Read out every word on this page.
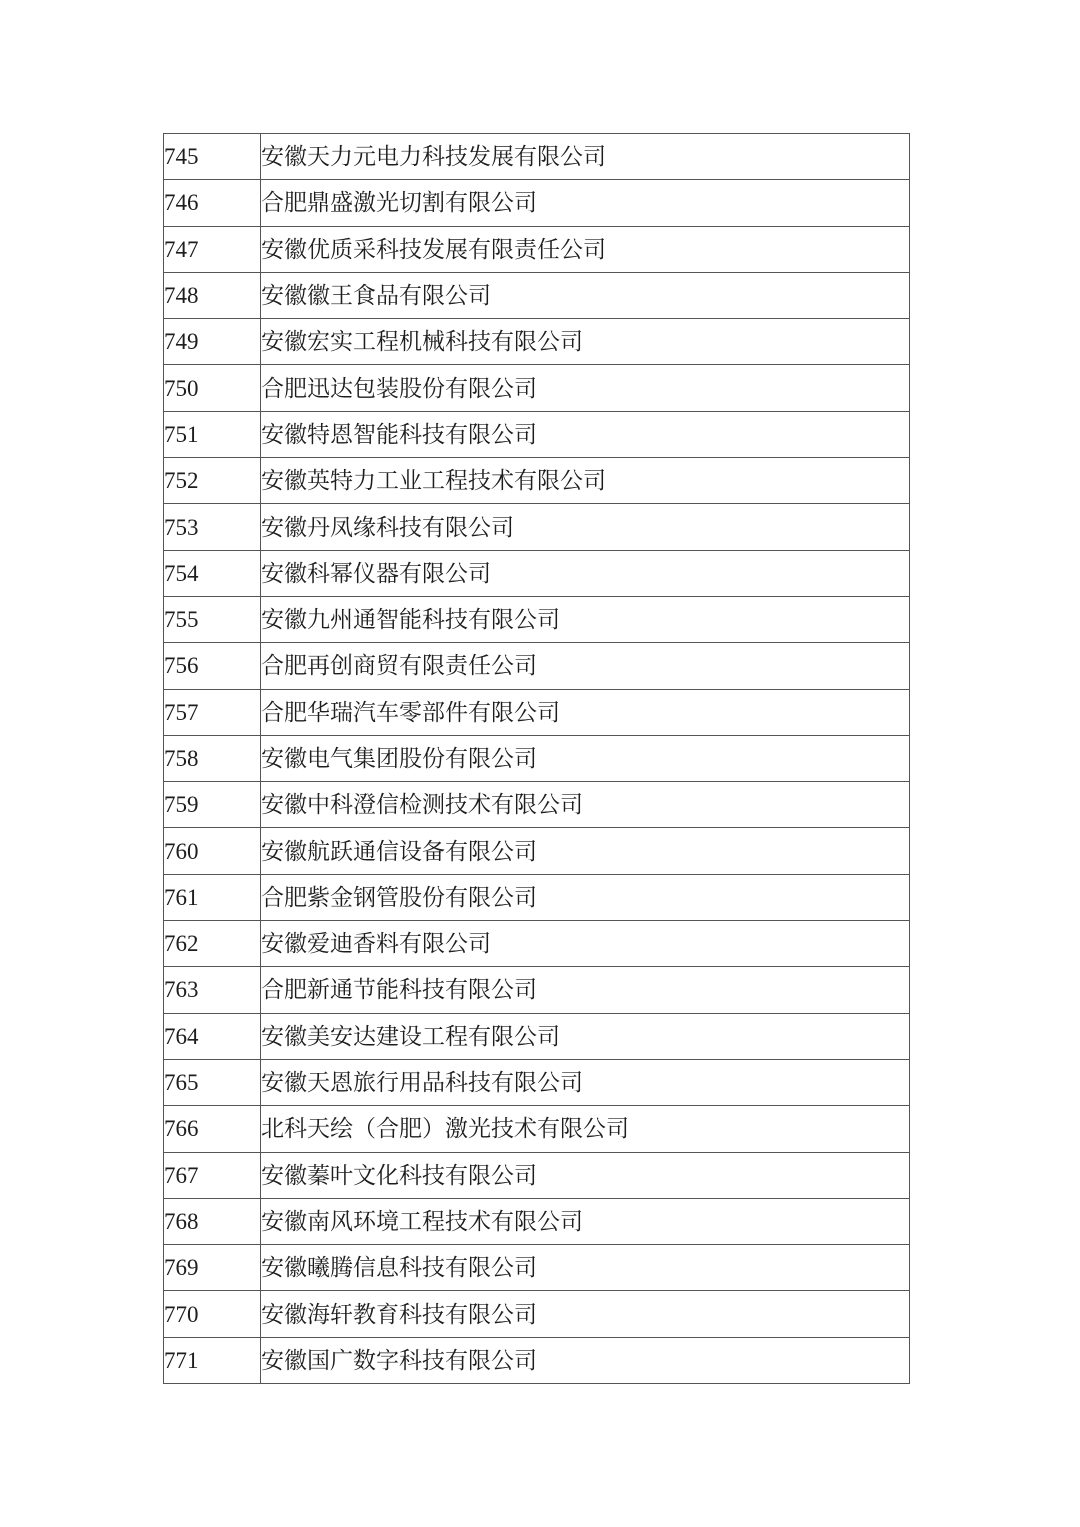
745	安徽天力元电力科技发展有限公司
746	合肥鼎盛激光切割有限公司
747	安徽优质采科技发展有限责任公司
748	安徽徽王食品有限公司
749	安徽宏实工程机械科技有限公司
750	合肥迅达包装股份有限公司
751	安徽特恩智能科技有限公司
752	安徽英特力工业工程技术有限公司
753	安徽丹凤缘科技有限公司
754	安徽科幂仪器有限公司
755	安徽九州通智能科技有限公司
756	合肥再创商贸有限责任公司
757	合肥华瑞汽车零部件有限公司
758	安徽电气集团股份有限公司
759	安徽中科澄信检测技术有限公司
760	安徽航跃通信设备有限公司
761	合肥紫金钢管股份有限公司
762	安徽爱迪香料有限公司
763	合肥新通节能科技有限公司
764	安徽美安达建设工程有限公司
765	安徽天恩旅行用品科技有限公司
766	北科天绘（合肥）激光技术有限公司
767	安徽蓁叶文化科技有限公司
768	安徽南风环境工程技术有限公司
769	安徽曦腾信息科技有限公司
770	安徽海轩教育科技有限公司
771	安徽国广数字科技有限公司
